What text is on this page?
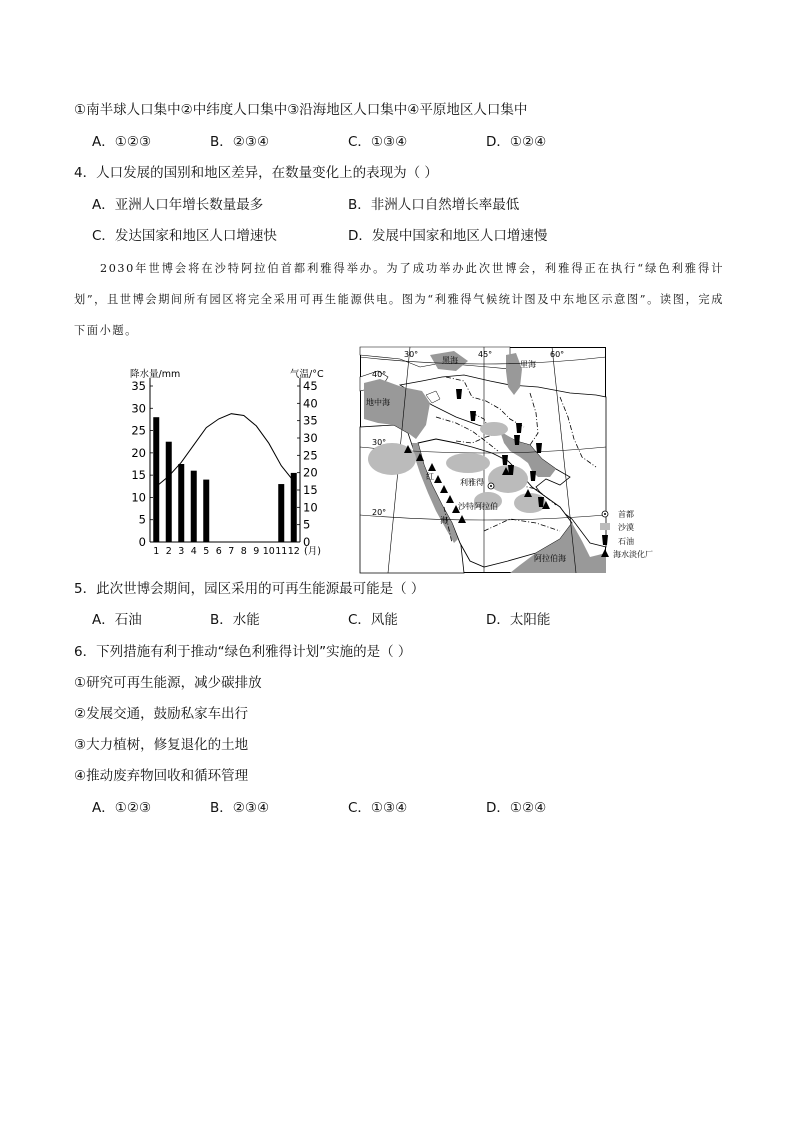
①南半球人口集中②中纬度人口集中③沿海地区人口集中④平原地区人口集中
A．①②③	B．②③④	C．①③④	D．①②④
4．人口发展的国别和地区差异，在数量变化上的表现为（ ）
A．亚洲人口年增长数量最多	B．非洲人口自然增长率最低
C．发达国家和地区人口增速快	D．发展中国家和地区人口增速慢
2030年世博会将在沙特阿拉伯首都利雅得举办。为了成功举办此次世博会，利雅得正在执行“绿色利雅得计划”，且世博会期间所有园区将完全采用可再生能源供电。图为“利雅得气候统计图及中东地区示意图”。读图，完成下面小题。
降水量/mm	气温/°C
0
5
10
15
20
25
30
35
0
5
10
15
20
25
30
35
40
45
1 2 3 4 5 6 7 8 9 10 11 12 (月)
30°	45°	60°
40°
30°
20°
黑海	里海
地中海
红
海
利雅得
沙特阿拉伯
阿拉伯海
首都
沙漠
石油
海水淡化厂
5．此次世博会期间，园区采用的可再生能源最可能是（ ）
A．石油	B．水能	C．风能	D．太阳能
6．下列措施有利于推动“绿色利雅得计划”实施的是（ ）
①研究可再生能源，减少碳排放
②发展交通，鼓励私家车出行
③大力植树，修复退化的土地
④推动废弃物回收和循环管理
A．①②③	B．②③④	C．①③④	D．①②④
